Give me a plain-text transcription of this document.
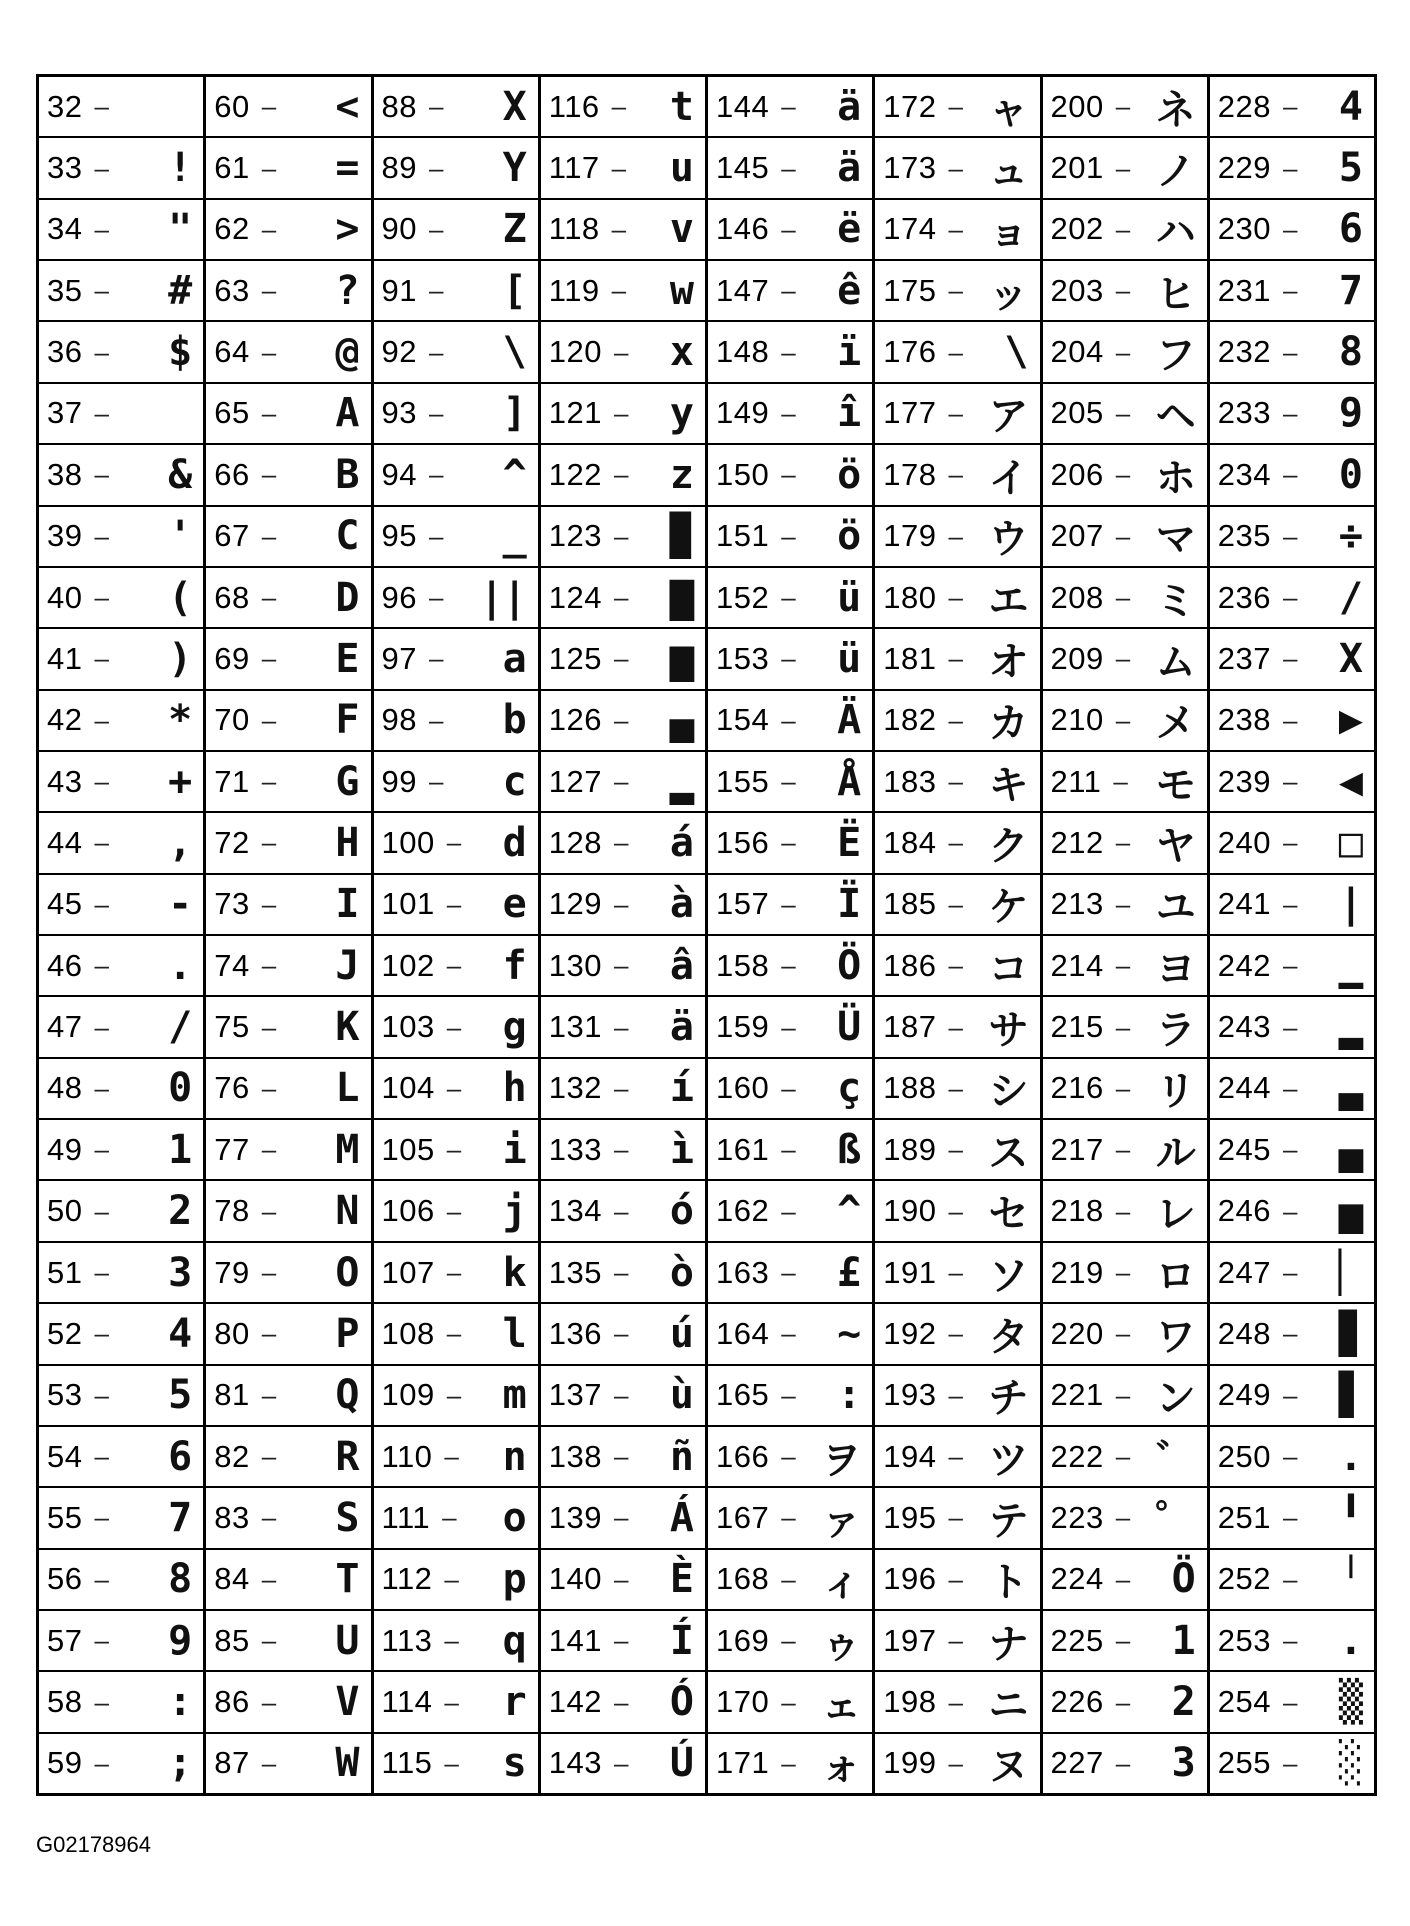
32 –
33 – !
34 – "
35 – #
36 – $
37 –
38 – &
39 – '
40 – (
41 – )
42 – *
43 – +
44 – ,
45 – -
46 – .
47 – /
48 – 0
49 – 1
50 – 2
51 – 3
52 – 4
53 – 5
54 – 6
55 – 7
56 – 8
57 – 9
58 – :
59 – ;
60 – <
61 – =
62 – >
63 – ?
64 – @
65 – A
66 – B
67 – C
68 – D
69 – E
70 – F
71 – G
72 – H
73 – I
74 – J
75 – K
76 – L
77 – M
78 – N
79 – O
80 – P
81 – Q
82 – R
83 – S
84 – T
85 – U
86 – V
87 – W
88 – X
89 – Y
90 – Z
91 – [
92 – \
93 – ]
94 – ^
95 – _
96 – ||
97 – a
98 – b
99 – c
100 – d
101 – e
102 – f
103 – g
104 – h
105 – i
106 – j
107 – k
108 – l
109 – m
110 – n
111 – o
112 – p
113 – q
114 – r
115 – s
116 – t
117 – u
118 – v
119 – w
120 – x
121 – y
122 – z
123 – ▉
124 – ▇
125 – ▆
126 – ▄
127 – ▂
128 – á
129 – à
130 – â
131 – ä
132 – í
133 – ì
134 – ó
135 – ò
136 – ú
137 – ù
138 – ñ
139 – Á
140 – È
141 – Í
142 – Ó
143 – Ú
144 – ä
145 – ä
146 – ë
147 – ê
148 – ï
149 – î
150 – ö
151 – ö
152 – ü
153 – ü
154 – Ä
155 – Å
156 – Ë
157 – Ï
158 – Ö
159 – Ü
160 – ç
161 – ß
162 – ^
163 – £
164 – ~
165 – :
166 – ヲ
167 – ァ
168 – ィ
169 – ゥ
170 – ェ
171 – ォ
172 – ャ
173 – ュ
174 – ョ
175 – ッ
176 – \
177 – ア
178 – イ
179 – ウ
180 – エ
181 – オ
182 – カ
183 – キ
184 – ク
185 – ケ
186 – コ
187 – サ
188 – シ
189 – ス
190 – セ
191 – ソ
192 – タ
193 – チ
194 – ツ
195 – テ
196 – ト
197 – ナ
198 – ニ
199 – ヌ
200 – ネ
201 – ノ
202 – ハ
203 – ヒ
204 – フ
205 – ヘ
206 – ホ
207 – マ
208 – ミ
209 – ム
210 – メ
211 – モ
212 – ヤ
213 – ユ
214 – ヨ
215 – ラ
216 – リ
217 – ル
218 – レ
219 – ロ
220 – ワ
221 – ン
222 – ゛
223 – ゜
224 – Ö
225 – 1
226 – 2
227 – 3
228 – 4
229 – 5
230 – 6
231 – 7
232 – 8
233 – 9
234 – 0
235 – ÷
236 – /
237 – X
238 – ▶
239 – ◀
240 – □
241 – |
242 – ▁
243 – ▂
244 – ▃
245 – ▄
246 – ▅
247 – ▏
248 – ▊
249 – ▋
250 – .
251 – ╹
252 – ╵
253 – .
254 – ▒
255 – ░
G02178964
